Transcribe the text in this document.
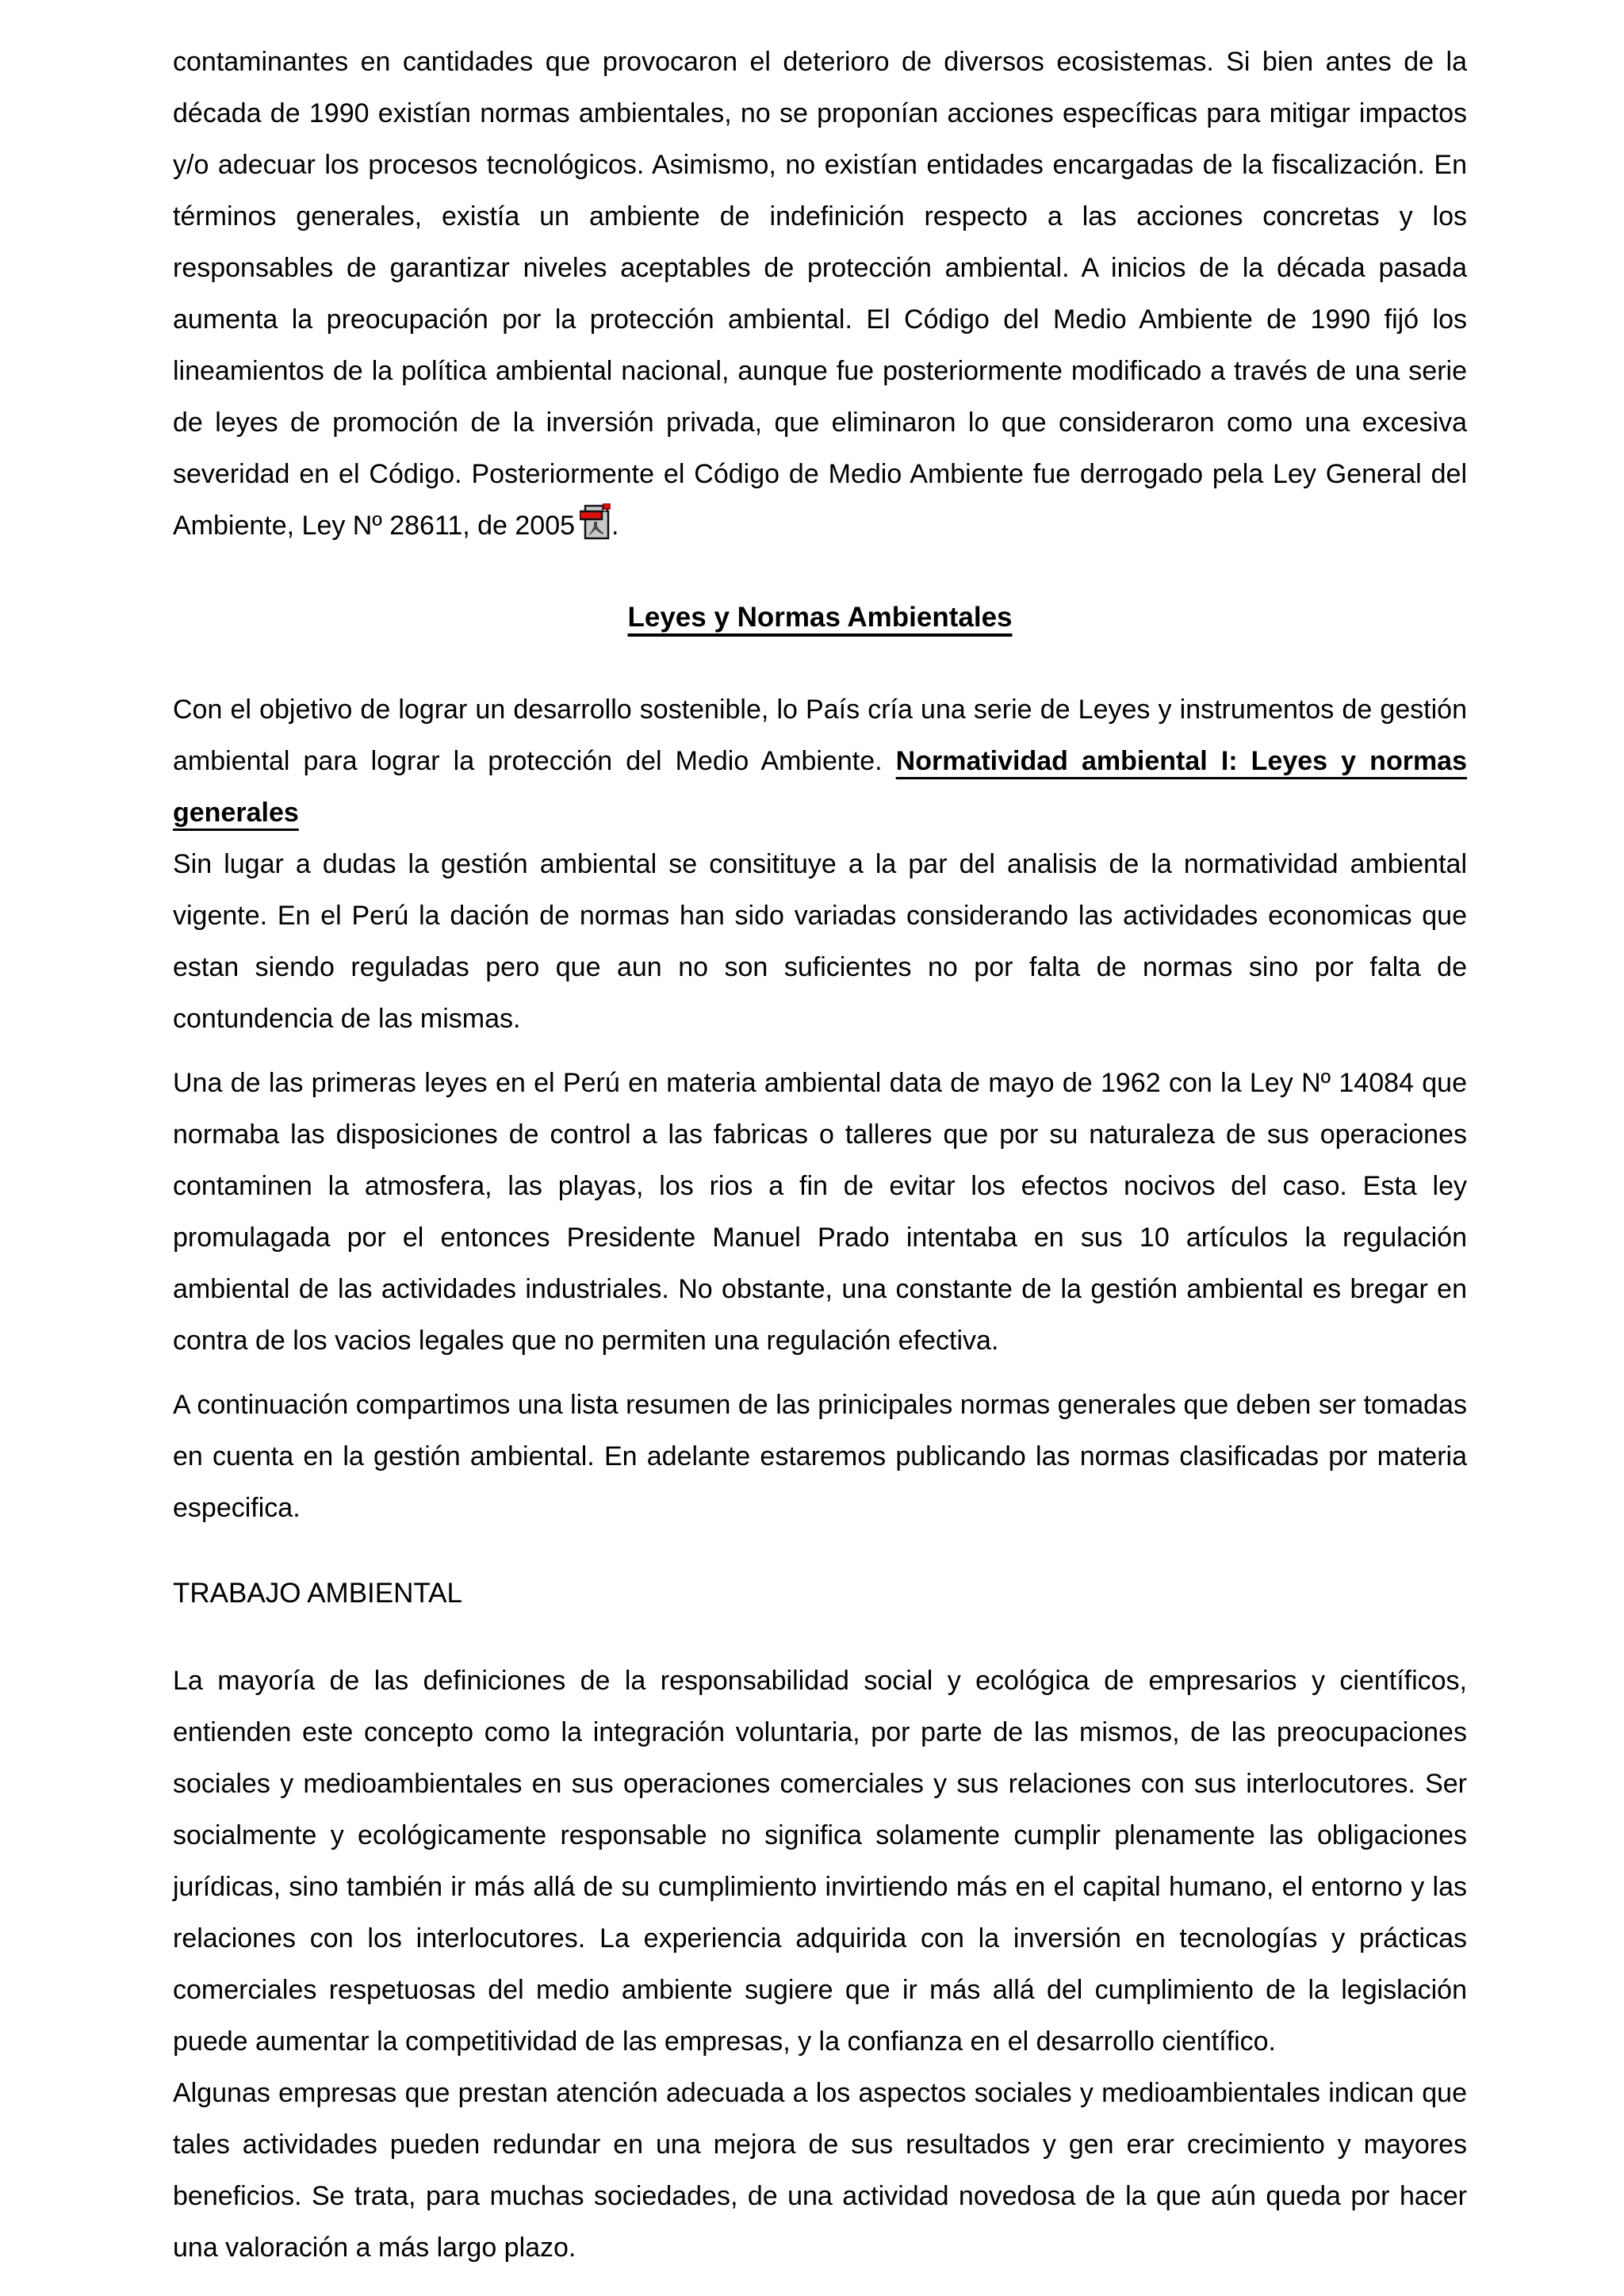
contaminantes en cantidades que provocaron el deterioro de diversos ecosistemas. Si bien antes de la década de 1990 existían normas ambientales, no se proponían acciones específicas para mitigar impactos y/o adecuar los procesos tecnológicos. Asimismo, no existían entidades encargadas de la fiscalización. En términos generales, existía un ambiente de indefinición respecto a las acciones concretas y los responsables de garantizar niveles aceptables de protección ambiental. A inicios de la década pasada aumenta la preocupación por la protección ambiental. El Código del Medio Ambiente de 1990 fijó los lineamientos de la política ambiental nacional, aunque fue posteriormente modificado a través de una serie de leyes de promoción de la inversión privada, que eliminaron lo que consideraron como una excesiva severidad en el Código. Posteriormente el Código de Medio Ambiente fue derrogado pela Ley General del Ambiente, Ley Nº 28611, de 2005 .

Leyes y Normas Ambientales

Con el objetivo de lograr un desarrollo sostenible, lo País cría una serie de Leyes y instrumentos de gestión ambiental para lograr la protección del Medio Ambiente. Normatividad ambiental I: Leyes y normas generales
Sin lugar a dudas la gestión ambiental se consitituye a la par del analisis de la normatividad ambiental vigente. En el Perú la dación de normas han sido variadas considerando las actividades economicas que estan siendo reguladas pero que aun no son suficientes no por falta de normas sino por falta de contundencia de las mismas.

Una de las primeras leyes en el Perú en materia ambiental data de mayo de 1962 con la Ley Nº 14084 que normaba las disposiciones de control a las fabricas o talleres que por su naturaleza de sus operaciones contaminen la atmosfera, las playas, los rios a fin de evitar los efectos nocivos del caso. Esta ley promulagada por el entonces Presidente Manuel Prado intentaba en sus 10 artículos la regulación ambiental de las actividades industriales. No obstante, una constante de la gestión ambiental es bregar en contra de los vacios legales que no permiten una regulación efectiva.

A continuación compartimos una lista resumen de las prinicipales normas generales que deben ser tomadas en cuenta en la gestión ambiental. En adelante estaremos publicando las normas clasificadas por materia especifica.

TRABAJO AMBIENTAL

La mayoría de las definiciones de la responsabilidad social y ecológica de empresarios y científicos, entienden este concepto como la integración voluntaria, por parte de las mismos, de las preocupaciones sociales y medioambientales en sus operaciones comerciales y sus relaciones con sus interlocutores. Ser socialmente y ecológicamente responsable no significa solamente cumplir plenamente las obligaciones jurídicas, sino también ir más allá de su cumplimiento invirtiendo más en el capital humano, el entorno y las relaciones con los interlocutores. La experiencia adquirida con la inversión en tecnologías y prácticas comerciales respetuosas del medio ambiente sugiere que ir más allá del cumplimiento de la legislación puede aumentar la competitividad de las empresas, y la confianza en el desarrollo científico.
Algunas empresas que prestan atención adecuada a los aspectos sociales y medioambientales indican que tales actividades pueden redundar en una mejora de sus resultados y gen erar crecimiento y mayores beneficios. Se trata, para muchas sociedades, de una actividad novedosa de la que aún queda por hacer una valoración a más largo plazo.
